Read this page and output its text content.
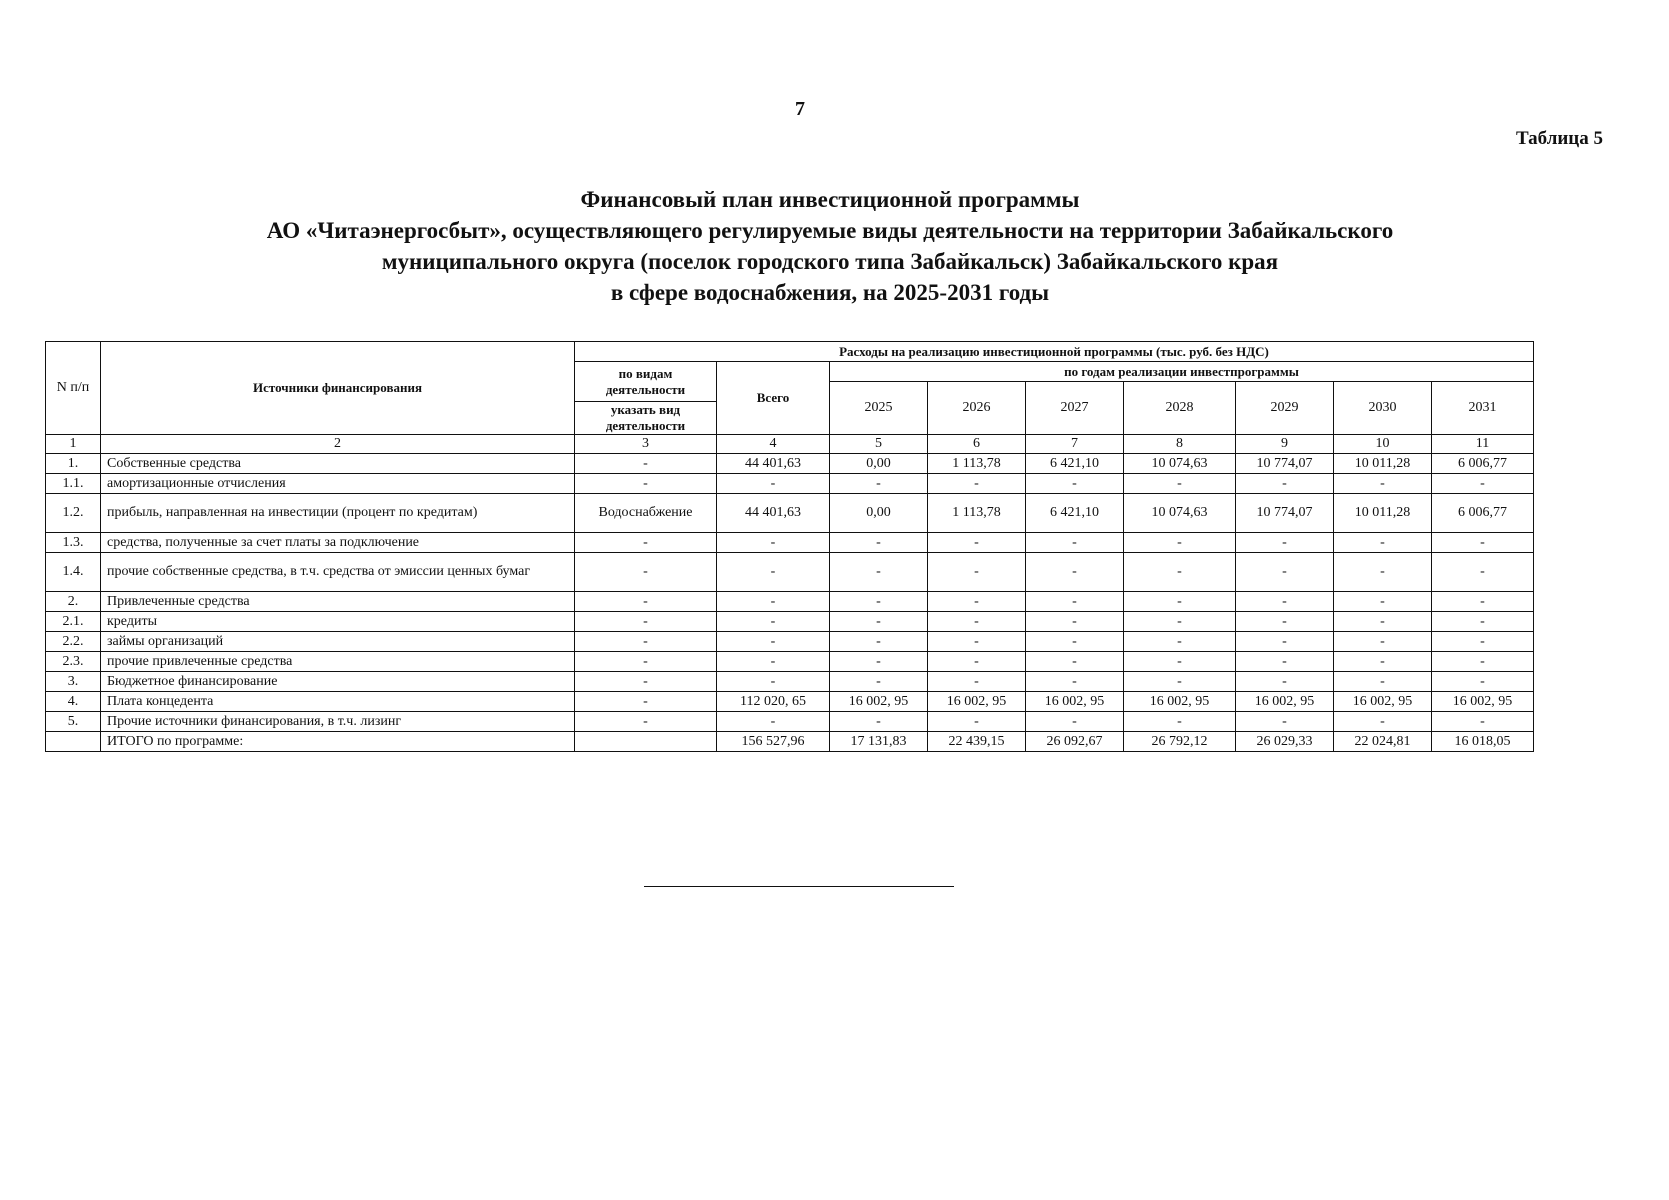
7
Таблица 5
Финансовый план инвестиционной программы
АО «Читаэнергосбыт», осуществляющего регулируемые виды деятельности на территории Забайкальского
муниципального округа (поселок городского типа Забайкальск) Забайкальского края
в сфере водоснабжения, на 2025-2031 годы
N п/п	Источники финансирования	Расходы на реализацию инвестиционной программы (тыс. руб. без НДС)								
		по видам деятельности	Всего	по годам реализации инвестпрограммы						
				2025	2026	2027	2028	2029	2030	2031
		указать вид деятельности								
1	2	3	4	5	6	7	8	9	10	11
1.	Собственные средства	-	44 401,63	0,00	1 113,78	6 421,10	10 074,63	10 774,07	10 011,28	6 006,77
1.1.	амортизационные отчисления	-	-	-	-	-	-	-	-	-
1.2.	прибыль, направленная на инвестиции (процент по кредитам)	Водоснабжение	44 401,63	0,00	1 113,78	6 421,10	10 074,63	10 774,07	10 011,28	6 006,77
1.3.	средства, полученные за счет платы за подключение	-	-	-	-	-	-	-	-	-
1.4.	прочие собственные средства, в т.ч. средства от эмиссии ценных бумаг	-	-	-	-	-	-	-	-	-
2.	Привлеченные средства	-	-	-	-	-	-	-	-	-
2.1.	кредиты	-	-	-	-	-	-	-	-	-
2.2.	займы организаций	-	-	-	-	-	-	-	-	-
2.3.	прочие привлеченные средства	-	-	-	-	-	-	-	-	-
3.	Бюджетное финансирование	-	-	-	-	-	-	-	-	-
4.	Плата концедента	-	112 020, 65	16 002, 95	16 002, 95	16 002, 95	16 002, 95	16 002, 95	16 002, 95	16 002, 95
5.	Прочие источники финансирования, в т.ч. лизинг	-	-	-	-	-	-	-	-	-
	ИТОГО по программе:		156 527,96	17 131,83	22 439,15	26 092,67	26 792,12	26 029,33	22 024,81	16 018,05
